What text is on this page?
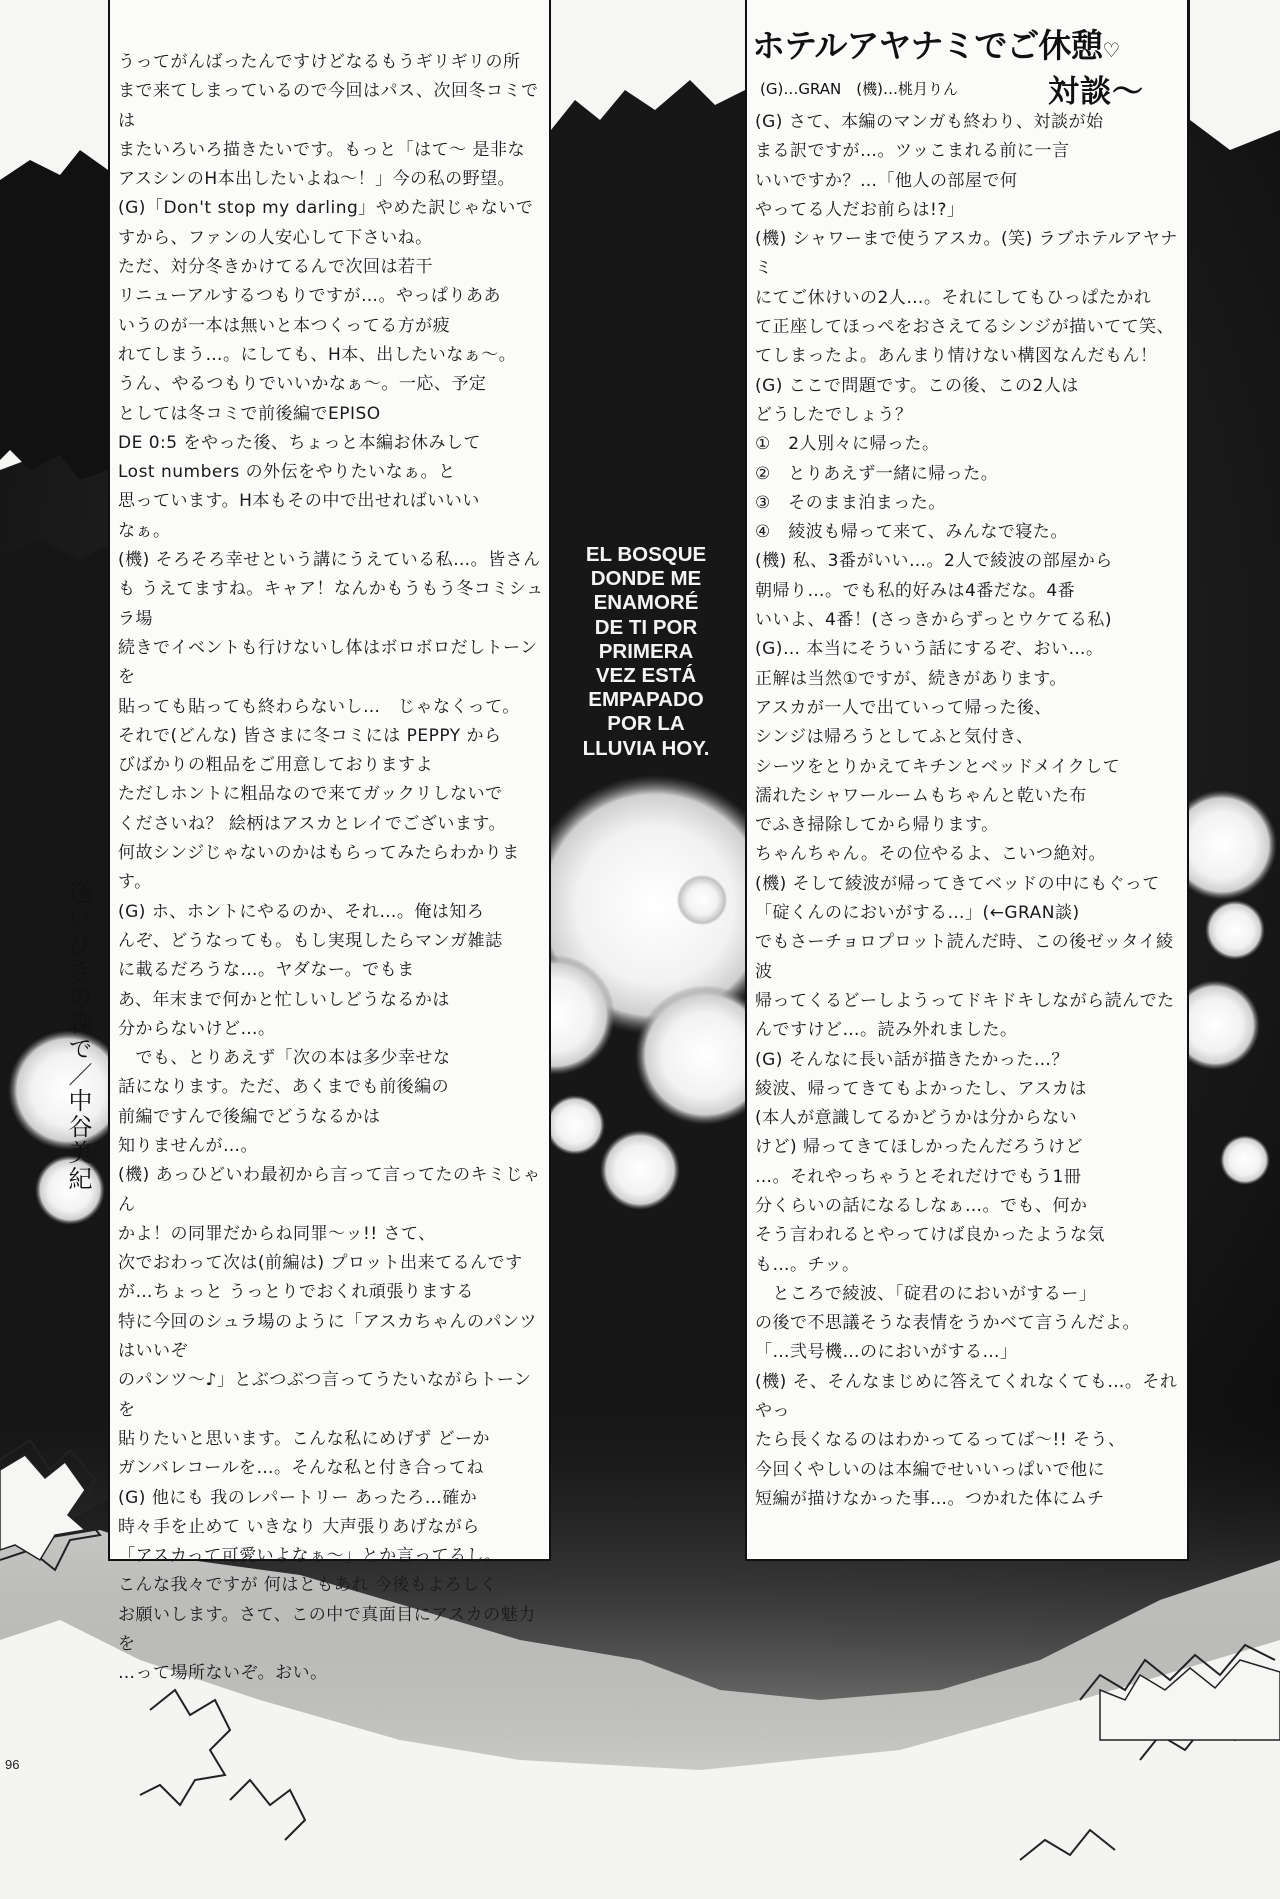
うってがんばったんですけどなるもうギリギリの所
まで来てしまっているので今回はパス、次回冬コミでは
またいろいろ描きたいです。もっと「はて〜 是非な
アスシンのH本出したいよね〜！」今の私の野望。
(G)「Don't stop my darling」やめた訳じゃないで
すから、ファンの人安心して下さいね。
ただ、対分冬きかけてるんで次回は若干
リニューアルするつもりですが…。やっぱりああ
いうのが一本は無いと本つくってる方が疲
れてしまう…。にしても、H本、出したいなぁ〜。
うん、やるつもりでいいかなぁ〜。一応、予定
としては冬コミで前後編でEPISO
DE 0:5 をやった後、ちょっと本編お休みして
Lost numbers の外伝をやりたいなぁ。と
思っています。H本もその中で出せればいいい
なぁ。
(機) そろそろ幸せという講にうえている私…。皆さん
も うえてますね。キャア！なんかもうもう冬コミシュラ場
続きでイベントも行けないし体はボロボロだしトーンを
貼っても貼っても終わらないし…　じゃなくって。
それで(どんな) 皆さまに冬コミには PEPPY から
びばかりの粗品をご用意しておりますよ
ただしホントに粗品なので来てガックリしないで
くださいね？ 絵柄はアスカとレイでございます。
何故シンジじゃないのかはもらってみたらわかります。
(G) ホ、ホントにやるのか、それ…。俺は知ろ
んぞ、どうなっても。もし実現したらマンガ雑誌
に載るだろうな…。ヤダなー。でもま
あ、年末まで何かと忙しいしどうなるかは
分からないけど…。
　でも、とりあえず「次の本は多少幸せな
話になります。ただ、あくまでも前後編の
前編ですんで後編でどうなるかは
知りませんが…。
(機) あっひどいわ最初から言って言ってたのキミじゃん
かよ！の同罪だからね同罪〜ッ!! さて、
次でおわって次は(前編は) プロット出来てるんです
が…ちょっと うっとりでおくれ頑張りまする
特に今回のシュラ場のように「アスカちゃんのパンツはいいぞ
のパンツ〜♪」とぶつぶつ言ってうたいながらトーンを
貼りたいと思います。こんな私にめげず どーか
ガンバレコールを…。そんな私と付き合ってね
(G) 他にも 我のレパートリー あったろ…確か
時々手を止めて いきなり 大声張りあげながら
「アスカって可愛いよなぁ〜」とか言ってるし。
こんな我々ですが 何はともあれ 今後もよろしく
お願いします。さて、この中で真面目にアスカの魅力を
…って場所ないぞ。おい。

ホテルアヤナミでご休憩♡

(G)…GRAN　(機)…桃月りん	対談〜

(G) さて、本編のマンガも終わり、対談が始
まる訳ですが…。ツッこまれる前に一言
いいですか？…「他人の部屋で何
やってる人だお前らは!?」
(機) シャワーまで使うアスカ。(笑) ラブホテルアヤナミ
にてご休けいの2人…。それにしてもひっぱたかれ
て正座してほっぺをおさえてるシンジが描いてて笑、
てしまったよ。あんまり情けない構図なんだもん！
(G) ここで問題です。この後、この2人は
どうしたでしょう？
①　2人別々に帰った。
②　とりあえず一緒に帰った。
③　そのまま泊まった。
④　綾波も帰って来て、みんなで寝た。
(機) 私、3番がいい…。2人で綾波の部屋から
朝帰り…。でも私的好みは4番だな。4番
いいよ、4番！(さっきからずっとウケてる私)
(G)… 本当にそういう話にするぞ、おい…。
正解は当然①ですが、続きがあります。
アスカが一人で出ていって帰った後、
シンジは帰ろうとしてふと気付き、
シーツをとりかえてキチンとベッドメイクして
濡れたシャワールームもちゃんと乾いた布
でふき掃除してから帰ります。
ちゃんちゃん。その位やるよ、こいつ絶対。
(機) そして綾波が帰ってきてベッドの中にもぐって
「碇くんのにおいがする…」(←GRAN談)
でもさーチョロプロット読んだ時、この後ゼッタイ綾波
帰ってくるどーしようってドキドキしながら読んでた
んですけど…。読み外れました。
(G) そんなに長い話が描きたかった…？
綾波、帰ってきてもよかったし、アスカは
(本人が意識してるかどうかは分からない
けど) 帰ってきてほしかったんだろうけど
…。それやっちゃうとそれだけでもう1冊
分くらいの話になるしなぁ…。でも、何か
そう言われるとやってけば良かったような気
も…。チッ。
　ところで綾波、「碇君のにおいがするー」
の後で不思議そうな表情をうかべて言うんだよ。
「…弐号機…のにおいがする…」
(機) そ、そんなまじめに答えてくれなくても…。それやっ
たら長くなるのはわかってるってば〜!! そう、
今回くやしいのは本編でせいいっぱいで他に
短編が描けなかった事…。つかれた体にムチ

EL BOSQUE
DONDE ME
ENAMORÉ
DE TI POR
PRIMERA
VEZ ESTÁ
EMPAPADO
POR LA
LLUVIA HOY.

逢いびきの森で／中谷美紀

96
